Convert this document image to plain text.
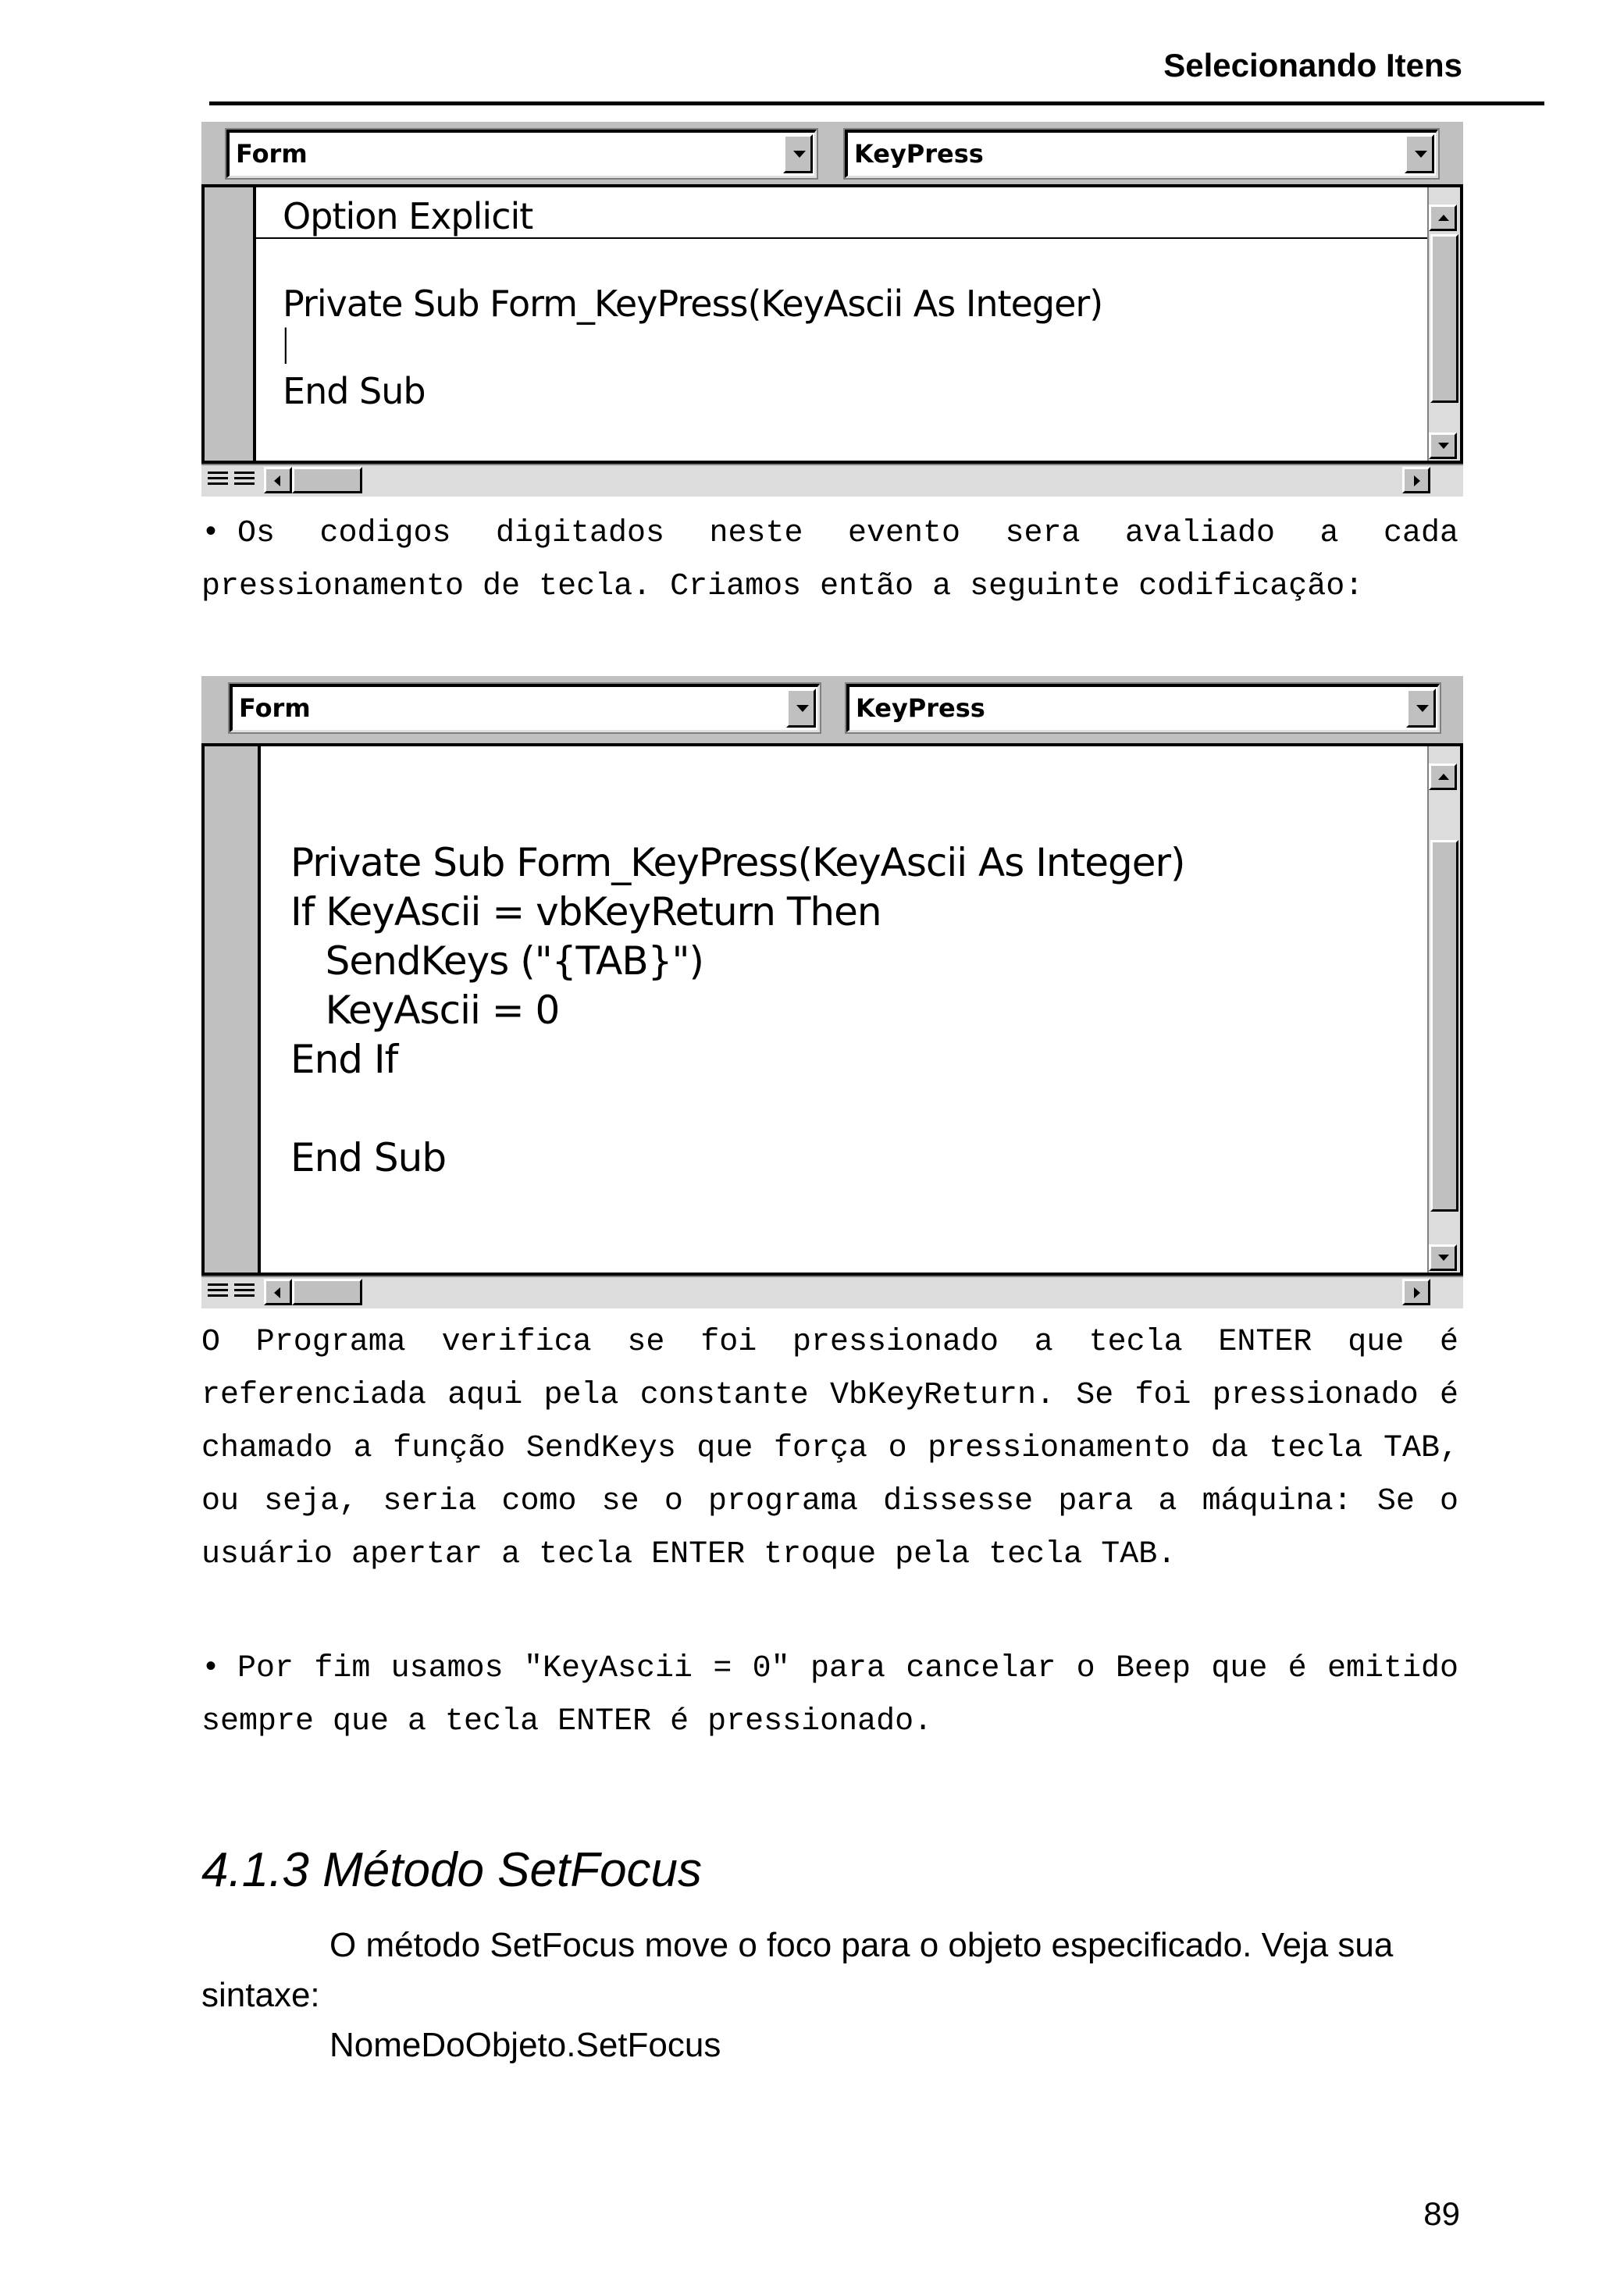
Selecionando Itens
Form	KeyPress
Option Explicit
Private Sub Form_KeyPress(KeyAscii As Integer)
|
End Sub

• Os codigos digitados neste evento sera avaliado a cada pressionamento de tecla. Criamos então a seguinte codificação:

Form	KeyPress
Private Sub Form_KeyPress(KeyAscii As Integer)
If KeyAscii = vbKeyReturn Then
SendKeys ("{TAB}")
KeyAscii = 0
End If
End Sub

O Programa verifica se foi pressionado a tecla ENTER que é referenciada aqui pela constante VbKeyReturn. Se foi pressionado é chamado a função SendKeys que força o pressionamento da tecla TAB, ou seja, seria como se o programa dissesse para a máquina: Se o usuário apertar a tecla ENTER troque pela tecla TAB.

• Por fim usamos "KeyAscii = 0" para cancelar o Beep que é emitido sempre que a tecla ENTER é pressionado.

4.1.3 Método SetFocus

O método SetFocus move o foco para o objeto especificado. Veja sua sintaxe:

NomeDoObjeto.SetFocus
89
